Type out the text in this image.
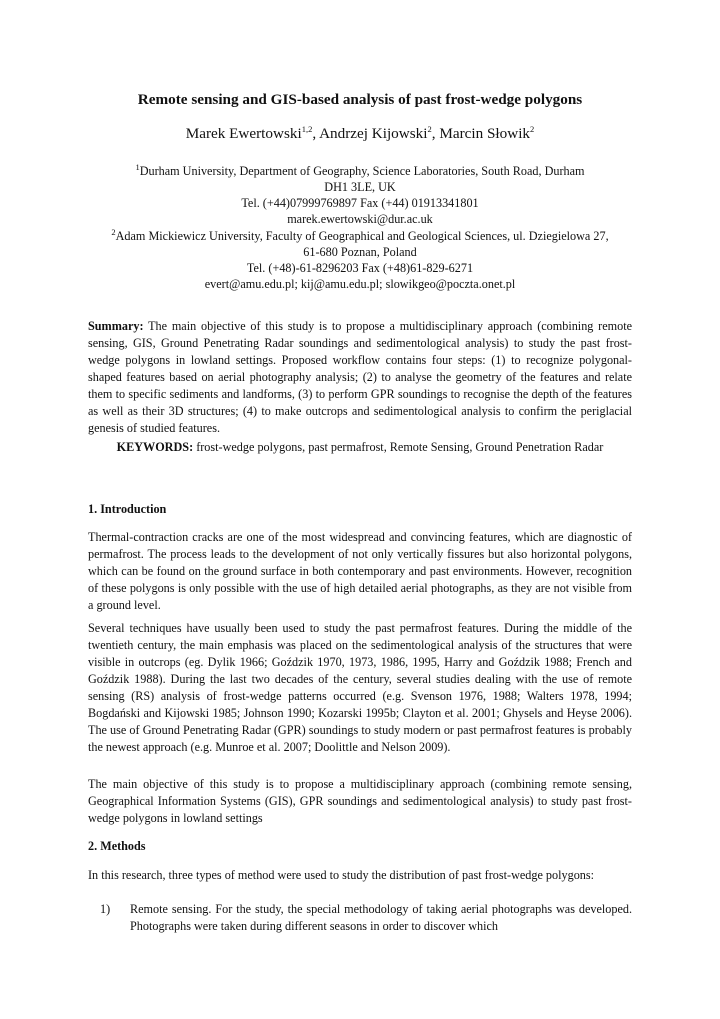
Remote sensing and GIS-based analysis of past frost-wedge polygons
Marek Ewertowski$^{1,2}$, Andrzej Kijowski$^2$, Marcin Słowik$^2$
$^1$Durham University, Department of Geography, Science Laboratories, South Road, Durham
DH1 3LE, UK
Tel. (+44)07999769897 Fax (+44) 01913341801
marek.ewertowski@dur.ac.uk
$^2$Adam Mickiewicz University, Faculty of Geographical and Geological Sciences, ul. Dziegielowa 27,
61-680 Poznan, Poland
Tel. (+48)-61-8296203 Fax (+48)61-829-6271
evert@amu.edu.pl; kij@amu.edu.pl; slowikgeo@poczta.onet.pl
Summary: The main objective of this study is to propose a multidisciplinary approach (combining remote sensing, GIS, Ground Penetrating Radar soundings and sedimentological analysis) to study the past frost-wedge polygons in lowland settings. Proposed workflow contains four steps: (1) to recognize polygonal-shaped features based on aerial photography analysis; (2) to analyse the geometry of the features and relate them to specific sediments and landforms, (3) to perform GPR soundings to recognise the depth of the features as well as their 3D structures; (4) to make outcrops and sedimentological analysis to confirm the periglacial genesis of studied features.
KEYWORDS: frost-wedge polygons, past permafrost, Remote Sensing, Ground Penetration Radar
1. Introduction
Thermal-contraction cracks are one of the most widespread and convincing features, which are diagnostic of permafrost. The process leads to the development of not only vertically fissures but also horizontal polygons, which can be found on the ground surface in both contemporary and past environments. However, recognition of these polygons is only possible with the use of high detailed aerial photographs, as they are not visible from a ground level.
Several techniques have usually been used to study the past permafrost features. During the middle of the twentieth century, the main emphasis was placed on the sedimentological analysis of the structures that were visible in outcrops (eg. Dylik 1966; Goździk 1970, 1973, 1986, 1995, Harry and Goździk 1988; French and Goździk 1988). During the last two decades of the century, several studies dealing with the use of remote sensing (RS) analysis of frost-wedge patterns occurred (e.g. Svenson 1976, 1988; Walters 1978, 1994; Bogdański and Kijowski 1985; Johnson 1990; Kozarski 1995b; Clayton et al. 2001; Ghysels and Heyse 2006). The use of Ground Penetrating Radar (GPR) soundings to study modern or past permafrost features is probably the newest approach (e.g. Munroe et al. 2007; Doolittle and Nelson 2009).
The main objective of this study is to propose a multidisciplinary approach (combining remote sensing, Geographical Information Systems (GIS), GPR soundings and sedimentological analysis) to study past frost-wedge polygons in lowland settings
2. Methods
In this research, three types of method were used to study the distribution of past frost-wedge polygons:
1) Remote sensing. For the study, the special methodology of taking aerial photographs was developed. Photographs were taken during different seasons in order to discover which
